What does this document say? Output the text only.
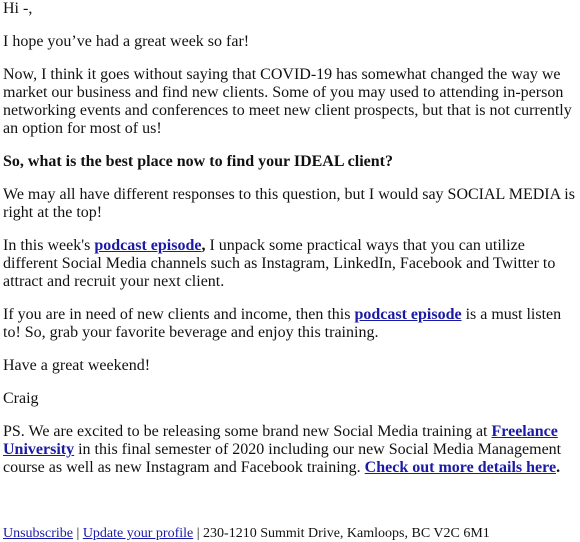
Hi -,

I hope you’ve had a great week so far!

Now, I think it goes without saying that COVID-19 has somewhat changed the way we market our business and find new clients. Some of you may used to attending in-person networking events and conferences to meet new client prospects, but that is not currently an option for most of us!

So, what is the best place now to find your IDEAL client?

We may all have different responses to this question, but I would say SOCIAL MEDIA is right at the top!

In this week's podcast episode, I unpack some practical ways that you can utilize different Social Media channels such as Instagram, LinkedIn, Facebook and Twitter to attract and recruit your next client.

If you are in need of new clients and income, then this podcast episode is a must listen to! So, grab your favorite beverage and enjoy this training.

Have a great weekend!

Craig

PS. We are excited to be releasing some brand new Social Media training at Freelance University in this final semester of 2020 including our new Social Media Management course as well as new Instagram and Facebook training. Check out more details here.

Unsubscribe | Update your profile | 230-1210 Summit Drive, Kamloops, BC V2C 6M1
